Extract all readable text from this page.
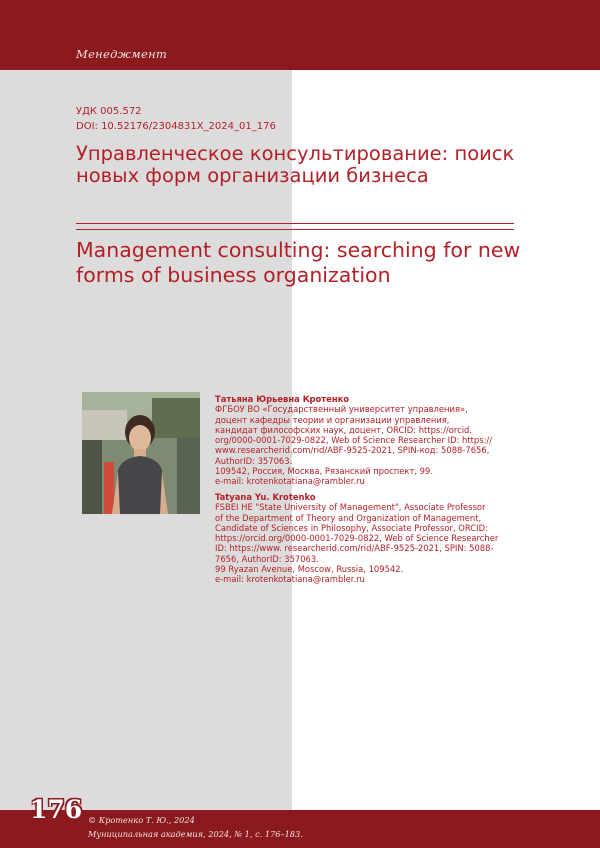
Менеджмент
УДК 005.572
DOI: 10.52176/2304831X_2024_01_176
Управленческое консультирование: поиск новых форм организации бизнеса
Management consulting: searching for new forms of business organization
Татьяна Юрьевна Кротенко
ФГБОУ ВО «Государственный университет управления»,
доцент кафедры теории и организации управления,
кандидат философских наук, доцент, ORCID: https://orcid.
org/0000-0001-7029-0822, Web of Science Researcher ID: https://
www.researcherid.com/rid/ABF-9525-2021, SPIN-код: 5088-7656,
AuthorID: 357063.
109542, Россия, Москва, Рязанский проспект, 99.
e-mail: krotenkotatiana@rambler.ru
Tatyana Yu. Krotenko
FSBEI HE "State University of Management", Associate Professor
of the Department of Theory and Organization of Management,
Candidate of Sciences in Philosophy, Associate Professor, ORCID:
https://orcid.org/0000-0001-7029-0822, Web of Science Researcher
ID: https://www. researcherid.com/rid/ABF-9525-2021, SPIN: 5088-
7656, AuthorID: 357063.
99 Ryazan Avenue, Moscow, Russia, 109542.
e-mail: krotenkotatiana@rambler.ru
176 © Кротенко Т. Ю., 2024
Муниципальная академия, 2024, № 1, с. 176–183.
